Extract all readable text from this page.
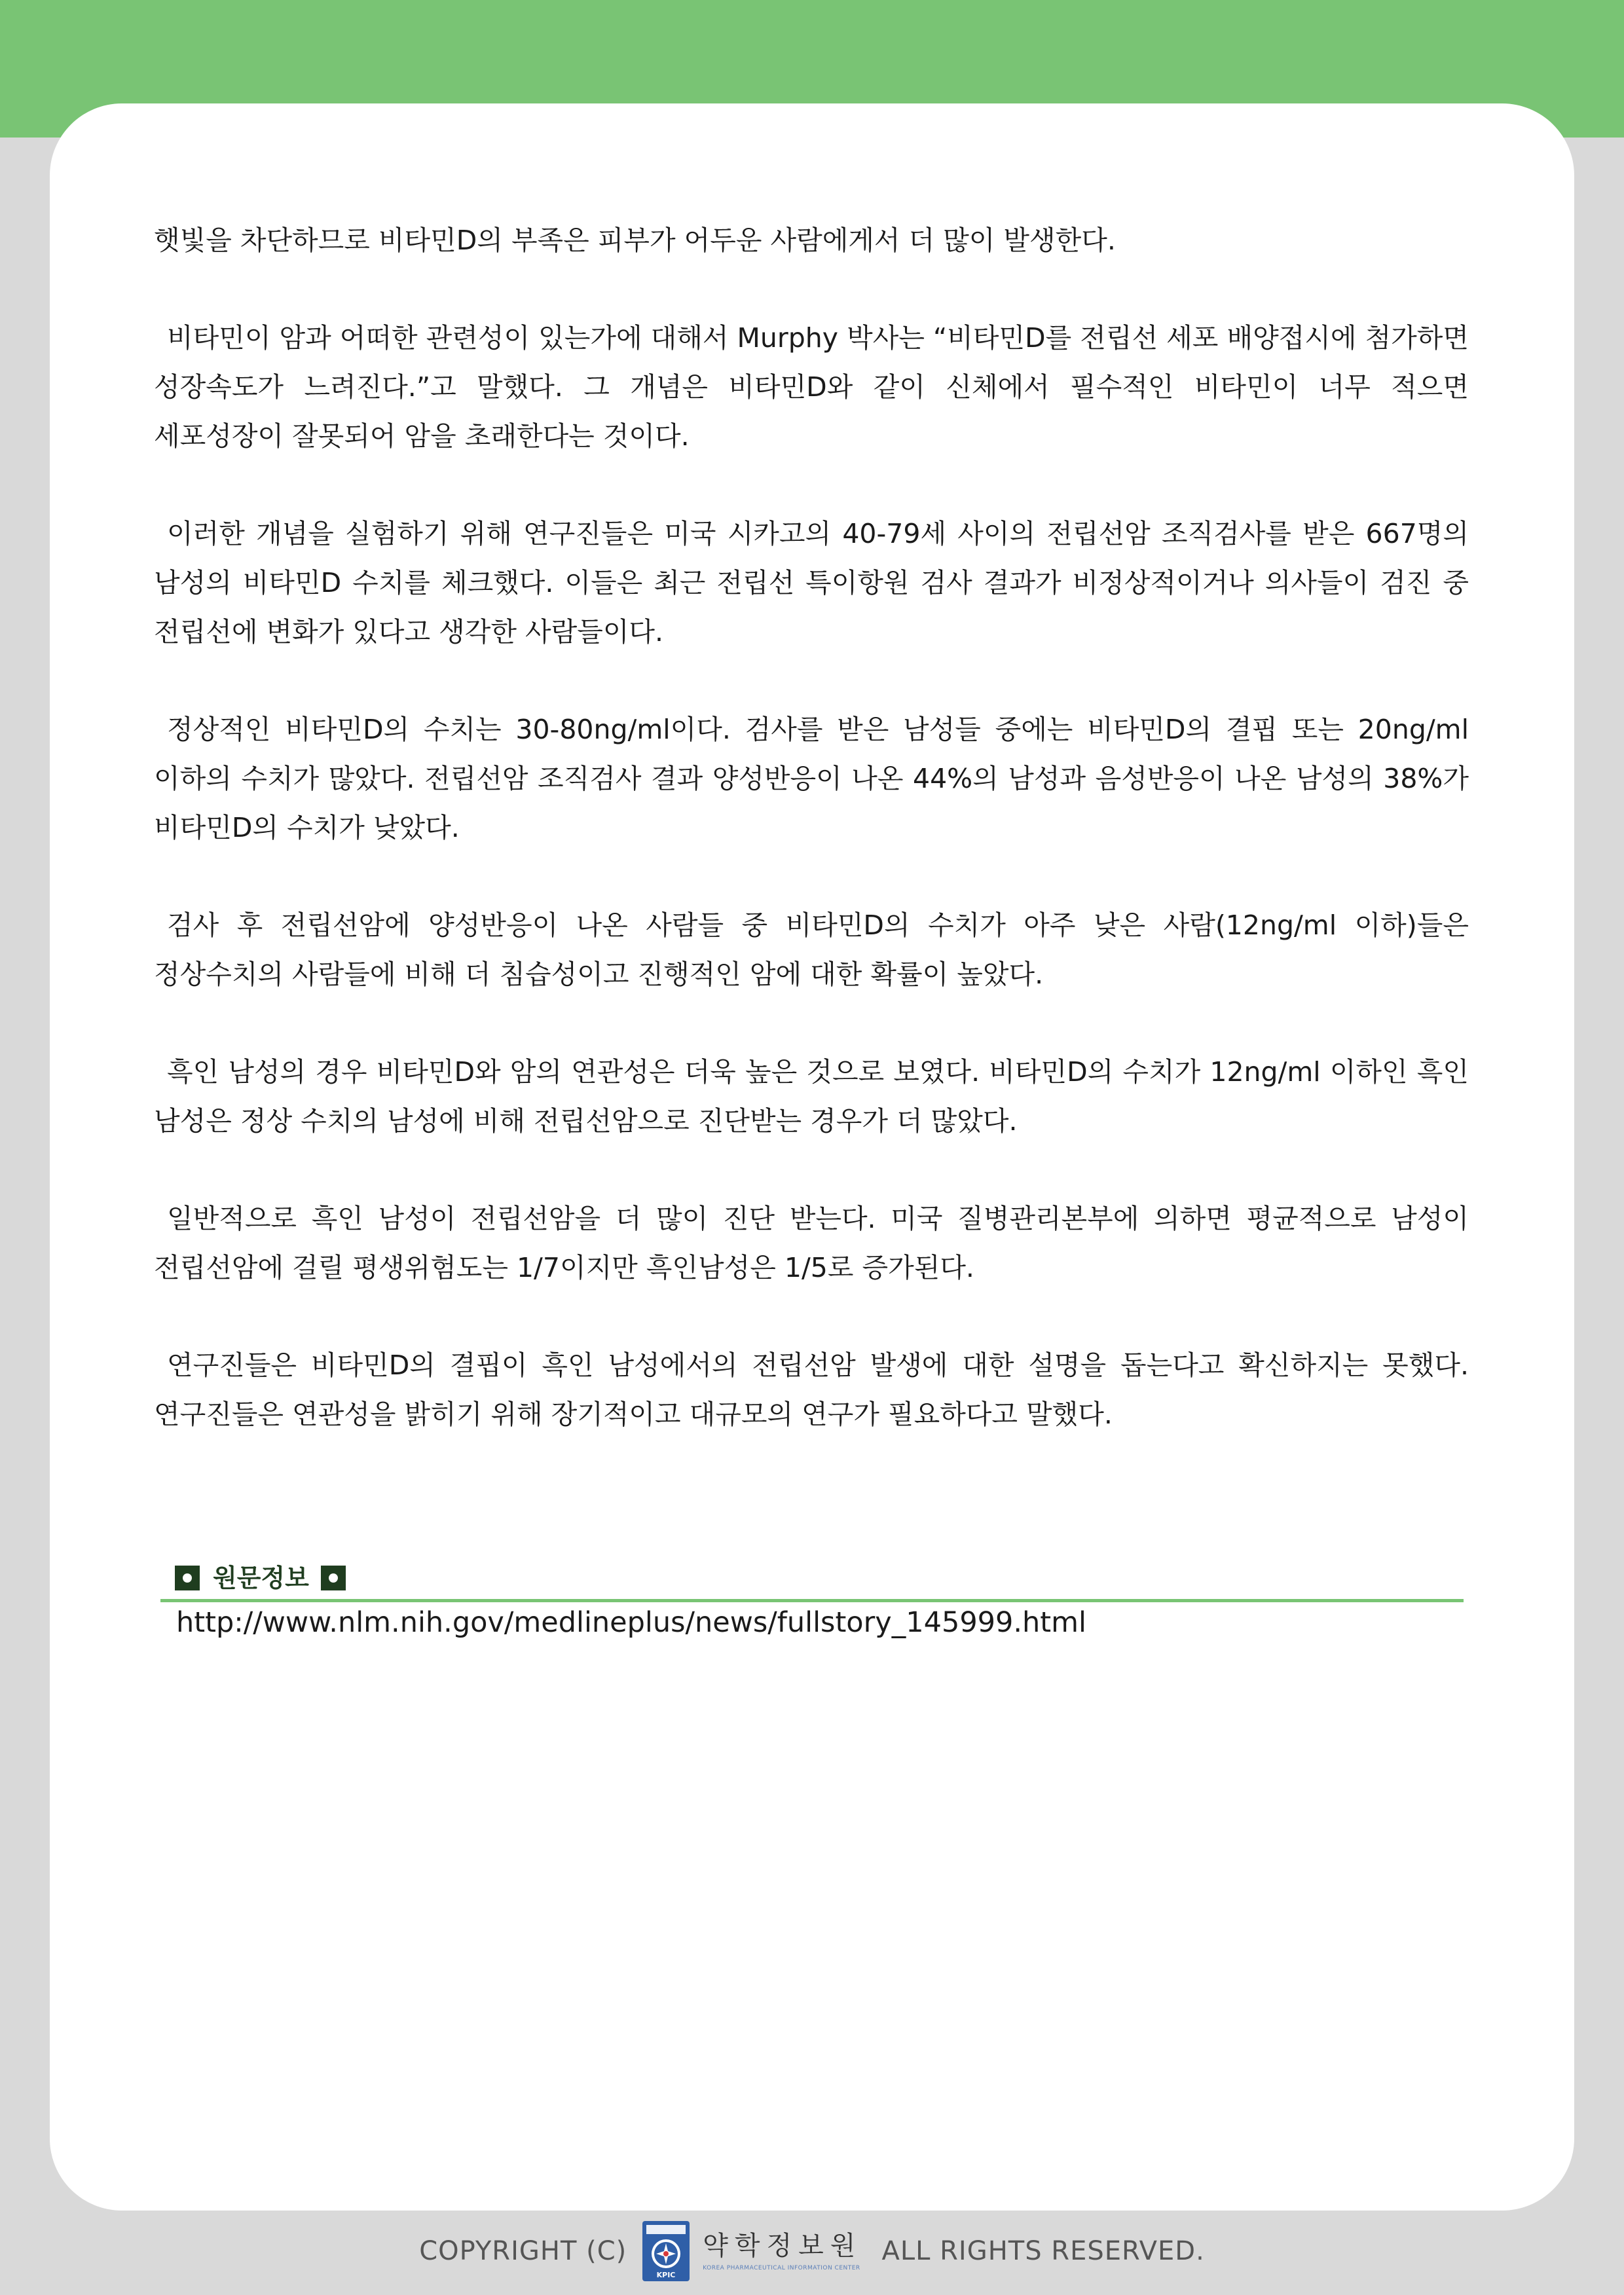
햇빛을 차단하므로 비타민D의 부족은 피부가 어두운 사람에게서 더 많이 발생한다.

비타민이 암과 어떠한 관련성이 있는가에 대해서 Murphy 박사는 “비타민D를 전립선 세포 배양접시에 첨가하면 성장속도가 느려진다.”고 말했다. 그 개념은 비타민D와 같이 신체에서 필수적인 비타민이 너무 적으면 세포성장이 잘못되어 암을 초래한다는 것이다.

이러한 개념을 실험하기 위해 연구진들은 미국 시카고의 40-79세 사이의 전립선암 조직검사를 받은 667명의 남성의 비타민D 수치를 체크했다. 이들은 최근 전립선 특이항원 검사 결과가 비정상적이거나 의사들이 검진 중 전립선에 변화가 있다고 생각한 사람들이다.

정상적인 비타민D의 수치는 30-80ng/ml이다. 검사를 받은 남성들 중에는 비타민D의 결핍 또는 20ng/ml 이하의 수치가 많았다. 전립선암 조직검사 결과 양성반응이 나온 44%의 남성과 음성반응이 나온 남성의 38%가 비타민D의 수치가 낮았다.

검사 후 전립선암에 양성반응이 나온 사람들 중 비타민D의 수치가 아주 낮은 사람(12ng/ml 이하)들은 정상수치의 사람들에 비해 더 침습성이고 진행적인 암에 대한 확률이 높았다.

흑인 남성의 경우 비타민D와 암의 연관성은 더욱 높은 것으로 보였다. 비타민D의 수치가 12ng/ml 이하인 흑인 남성은 정상 수치의 남성에 비해 전립선암으로 진단받는 경우가 더 많았다.

일반적으로 흑인 남성이 전립선암을 더 많이 진단 받는다. 미국 질병관리본부에 의하면 평균적으로 남성이 전립선암에 걸릴 평생위험도는 1/7이지만 흑인남성은 1/5로 증가된다.

연구진들은 비타민D의 결핍이 흑인 남성에서의 전립선암 발생에 대한 설명을 돕는다고 확신하지는 못했다. 연구진들은 연관성을 밝히기 위해 장기적이고 대규모의 연구가 필요하다고 말했다.

원문정보
http://www.nlm.nih.gov/medlineplus/news/fullstory_145999.html
COPYRIGHT (C)
KPIC
약학정보원
KOREA PHARMACEUTICAL INFORMATION CENTER
ALL RIGHTS RESERVED.
